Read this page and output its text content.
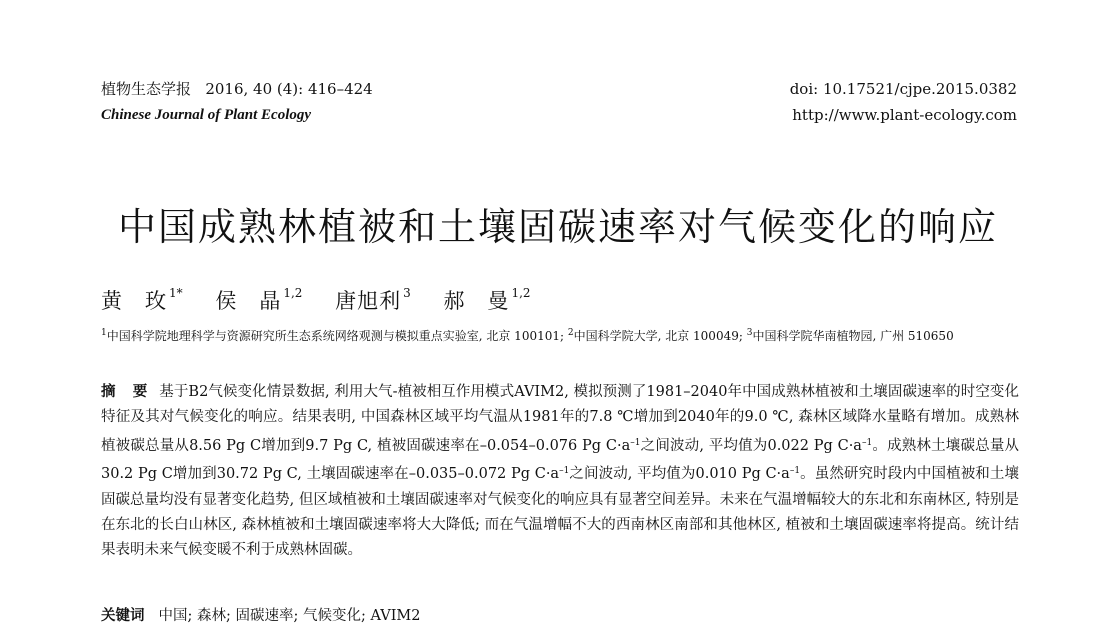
植物生态学报 2016, 40 (4): 416–424
Chinese Journal of Plant Ecology
doi: 10.17521/cjpe.2015.0382
http://www.plant-ecology.com
中国成熟林植被和土壤固碳速率对气候变化的响应
黄　玫 $^{1*}$ 侯　晶 $^{1,2}$ 唐旭利 $^3$ 郝　曼 $^{1,2}$
$^1$中国科学院地理科学与资源研究所生态系统网络观测与模拟重点实验室, 北京 100101; $^2$中国科学院大学, 北京 100049; $^3$中国科学院华南植物园, 广州 510650
摘 要 基于B2气候变化情景数据, 利用大气-植被相互作用模式AVIM2, 模拟预测了1981–2040年中国成熟林植被和土壤固碳速率的时空变化特征及其对气候变化的响应。结果表明, 中国森林区域平均气温从1981年的7.8 ℃增加到2040年的9.0 ℃, 森林区域降水量略有增加。成熟林植被碳总量从8.56 Pg C增加到9.7 Pg C, 植被固碳速率在–0.054–0.076 Pg $C\cdot a^{-1}$之间波动, 平均值为0.022 Pg $C\cdot a^{-1}$。成熟林土壤碳总量从30.2 Pg C增加到30.72 Pg C, 土壤固碳速率在–0.035–0.072 Pg $C\cdot a^{-1}$之间波动, 平均值为0.010 Pg $C\cdot a^{-1}$。虽然研究时段内中国植被和土壤固碳总量均没有显著变化趋势, 但区域植被和土壤固碳速率对气候变化的响应具有显著空间差异。未来在气温增幅较大的东北和东南林区, 特别是在东北的长白山林区, 森林植被和土壤固碳速率将大大降低; 而在气温增幅不大的西南林区南部和其他林区, 植被和土壤固碳速率将提高。统计结果表明未来气候变暖不利于成熟林固碳。
关键词 中国; 森林; 固碳速率; 气候变化; AVIM2
